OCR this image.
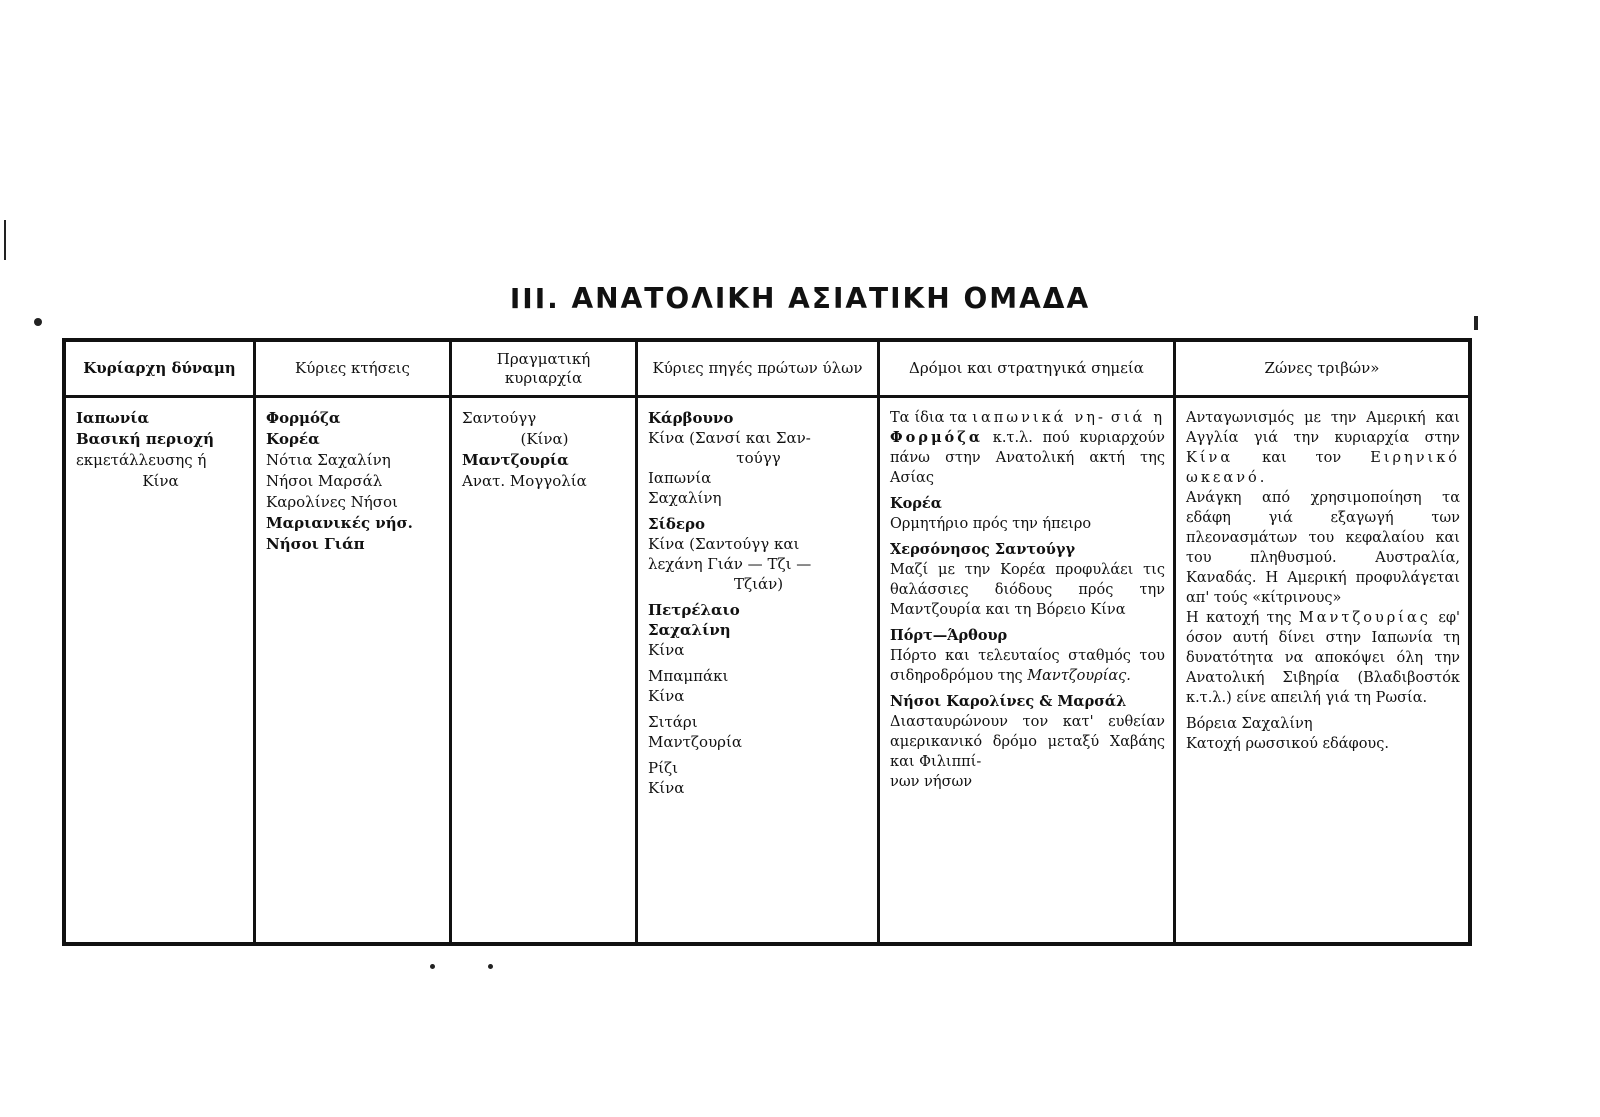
III. ΑΝΑΤΟΛΙΚΗ ΑΣΙΑΤΙΚΗ ΟΜΑΔΑ
Κυρίαρχη δύναμη
Ιαπωνία
Βασική περιοχή
εκμετάλλευσης ή
Κίνα
Κύριες κτήσεις
Φορμόζα
Κορέα
Νότια Σαχαλίνη
Νήσοι Μαρσάλ
Καρολίνες Νήσοι
Μαριανικές νήσ.
Νήσοι Γιάπ
Πραγματική κυριαρχία
Σαντούγγ
(Κίνα)
Μαντζουρία
Ανατ. Μογγολία
Κύριες πηγές πρώτων ύλων
Κάρβουνο
Κίνα (Σανσί και Σαν-
τούγγ
Ιαπωνία
Σαχαλίνη
Σίδερο
Κίνα (Σαντούγγ και
λεχάνη Γιάν — Τζι —
Τζιάν)
Πετρέλαιο
Σαχαλίνη
Κίνα
Μπαμπάκι
Κίνα
Σιτάρι
Μαντζουρία
Ρίζι
Κίνα
Δρόμοι και στρατηγικά σημεία
Τα ίδια τα ιαπωνικά νη- σιά η Φορμόζα κ.τ.λ. πού κυριαρχούν πάνω στην Ανατολική ακτή της Ασίας
Κορέα
Ορμητήριο πρός την ήπειρο
Χερσόνησος Σαντούγγ
Μαζί με την Κορέα προφυλάει τις θαλάσσιες διόδους πρός την Μαντζουρία και τη Βόρειο Κίνα
Πόρτ—Άρθουρ
Πόρτο και τελευταίος σταθμός του σιδηροδρόμου της Μαντζουρίας.
Νήσοι Καρολίνες & Μαρσάλ
Διασταυρώνουν τον κατ' ευθείαν αμερικανικό δρόμο μεταξύ Χαβάης και Φιλιππί-
νων νήσων
Ζώνες τριβών»
Ανταγωνισμός με την Αμερική και Αγγλία γιά την κυριαρχία στην Κίνα και τον Ειρηνικό ωκεανό.
Ανάγκη από χρησιμοποίηση τα εδάφη γιά εξαγωγή των πλεονασμάτων του κεφαλαίου και του πληθυσμού. Αυστραλία, Καναδάς. Η Αμερική προφυλάγεται απ' τούς «κίτρινους»
Η κατοχή της Μαντζουρίας εφ' όσον αυτή δίνει στην Ιαπωνία τη δυνατότητα να αποκόψει όλη την Ανατολική Σιβηρία (Βλαδιβοστόκ κ.τ.λ.) είνε απειλή γιά τη Ρωσία.
Βόρεια Σαχαλίνη
Κατοχή ρωσσικού εδάφους.
